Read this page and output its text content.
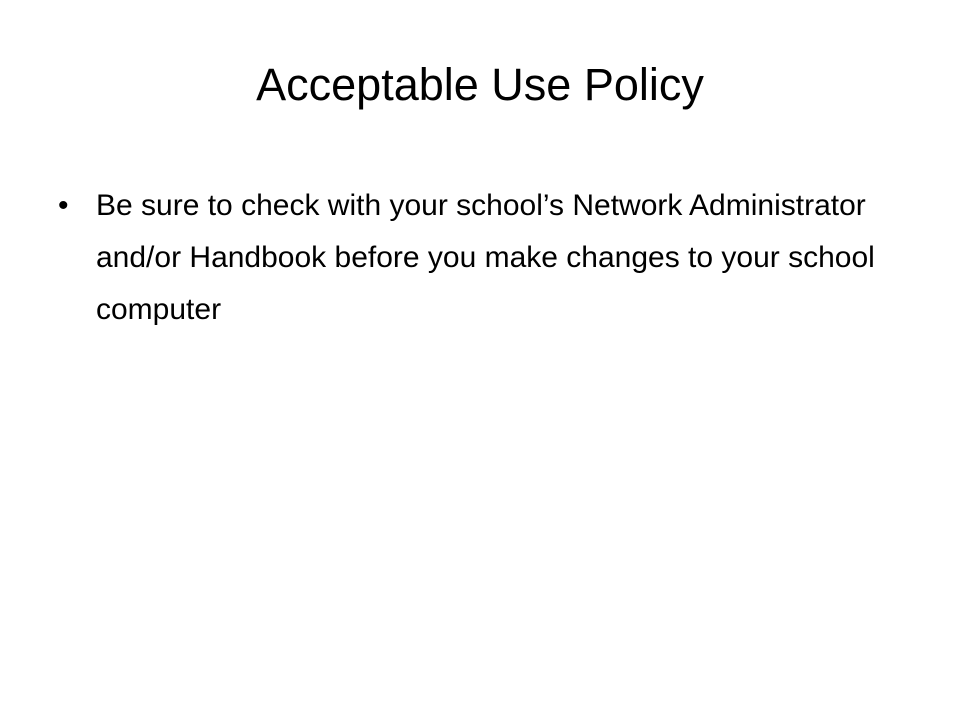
Acceptable Use Policy
• Be sure to check with your school’s Network Administrator and/or Handbook before you make changes to your school computer
